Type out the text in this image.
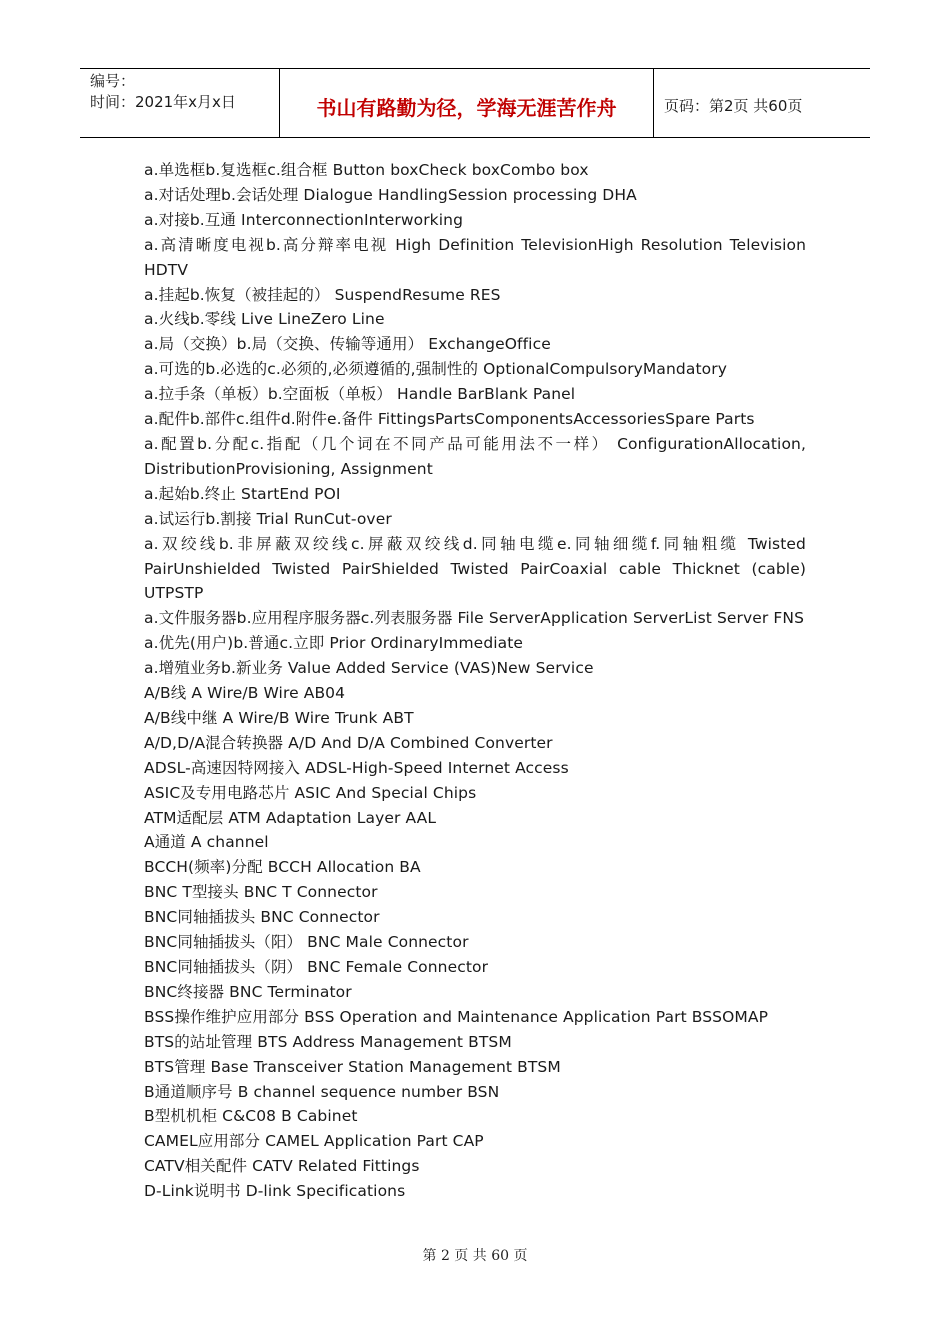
编号：
时间：2021年x月x日	书山有路勤为径，学海无涯苦作舟	页码：第2页 共60页

a.单选框b.复选框c.组合框 Button boxCheck boxCombo box

a.对话处理b.会话处理 Dialogue HandlingSession processing DHA

a.对接b.互通 InterconnectionInterworking

a.高清晰度电视b.高分辩率电视 High Definition TelevisionHigh Resolution Television HDTV

a.挂起b.恢复（被挂起的） SuspendResume RES

a.火线b.零线 Live LineZero Line

a.局（交换）b.局（交换、传输等通用） ExchangeOffice

a.可选的b.必选的c.必须的,必须遵循的,强制性的 OptionalCompulsoryMandatory

a.拉手条（单板）b.空面板（单板） Handle BarBlank Panel

a.配件b.部件c.组件d.附件e.备件 FittingsPartsComponentsAccessoriesSpare Parts

a.配置b.分配c.指配（几个词在不同产品可能用法不一样） ConfigurationAllocation, DistributionProvisioning, Assignment

a.起始b.终止 StartEnd POI

a.试运行b.割接 Trial RunCut-over

a.双绞线b.非屏蔽双绞线c.屏蔽双绞线d.同轴电缆e.同轴细缆f.同轴粗缆 Twisted PairUnshielded Twisted PairShielded Twisted PairCoaxial cable Thicknet (cable) UTPSTP

a.文件服务器b.应用程序服务器c.列表服务器 File ServerApplication ServerList Server FNS

a.优先(用户)b.普通c.立即 Prior OrdinaryImmediate

a.增殖业务b.新业务 Value Added Service (VAS)New Service

A/B线 A Wire/B Wire AB04

A/B线中继 A Wire/B Wire Trunk ABT

A/D,D/A混合转换器 A/D And D/A Combined Converter

ADSL-高速因特网接入 ADSL-High-Speed Internet Access

ASIC及专用电路芯片 ASIC And Special Chips

ATM适配层 ATM Adaptation Layer AAL

A通道 A channel

BCCH(频率)分配 BCCH Allocation BA

BNC T型接头 BNC T Connector

BNC同轴插拔头 BNC Connector

BNC同轴插拔头（阳） BNC Male Connector

BNC同轴插拔头（阴） BNC Female Connector

BNC终接器 BNC Terminator

BSS操作维护应用部分 BSS Operation and Maintenance Application Part BSSOMAP

BTS的站址管理 BTS Address Management BTSM

BTS管理 Base Transceiver Station Management BTSM

B通道顺序号 B channel sequence number BSN

B型机机柜 C&C08 B Cabinet

CAMEL应用部分 CAMEL Application Part CAP

CATV相关配件 CATV Related Fittings

D-Link说明书 D-link Specifications

第 2 页 共 60 页
